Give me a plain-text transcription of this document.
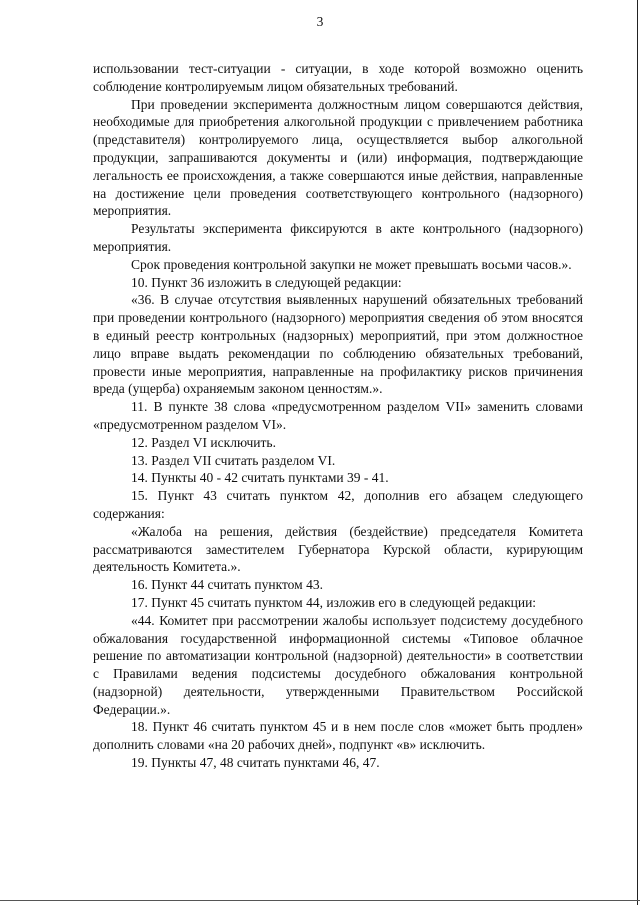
3

использовании тест-ситуации - ситуации, в ходе которой возможно оценить соблюдение контролируемым лицом обязательных требований.

При проведении эксперимента должностным лицом совершаются действия, необходимые для приобретения алкогольной продукции с привлечением работника (представителя) контролируемого лица, осуществляется выбор алкогольной продукции, запрашиваются документы и (или) информация, подтверждающие легальность ее происхождения, а также совершаются иные действия, направленные на достижение цели проведения соответствующего контрольного (надзорного) мероприятия.

Результаты эксперимента фиксируются в акте контрольного (надзорного) мероприятия.

Срок проведения контрольной закупки не может превышать восьми часов.».

10. Пункт 36 изложить в следующей редакции:

«36. В случае отсутствия выявленных нарушений обязательных требований при проведении контрольного (надзорного) мероприятия сведения об этом вносятся в единый реестр контрольных (надзорных) мероприятий, при этом должностное лицо вправе выдать рекомендации по соблюдению обязательных требований, провести иные мероприятия, направленные на профилактику рисков причинения вреда (ущерба) охраняемым законом ценностям.».

11. В пункте 38 слова «предусмотренном разделом VII» заменить словами «предусмотренном разделом VI».

12. Раздел VI исключить.

13. Раздел VII считать разделом VI.

14. Пункты 40 - 42 считать пунктами 39 - 41.

15. Пункт 43 считать пунктом 42, дополнив его абзацем следующего содержания:

«Жалоба на решения, действия (бездействие) председателя Комитета рассматриваются заместителем Губернатора Курской области, курирующим деятельность Комитета.».

16. Пункт 44 считать пунктом 43.

17. Пункт 45 считать пунктом 44, изложив его в следующей редакции:

«44. Комитет при рассмотрении жалобы использует подсистему досудебного обжалования государственной информационной системы «Типовое облачное решение по автоматизации контрольной (надзорной) деятельности» в соответствии с Правилами ведения подсистемы досудебного обжалования контрольной (надзорной) деятельности, утвержденными Правительством Российской Федерации.».

18. Пункт 46 считать пунктом 45 и в нем после слов «может быть продлен» дополнить словами «на 20 рабочих дней», подпункт «в» исключить.

19. Пункты 47, 48 считать пунктами 46, 47.
